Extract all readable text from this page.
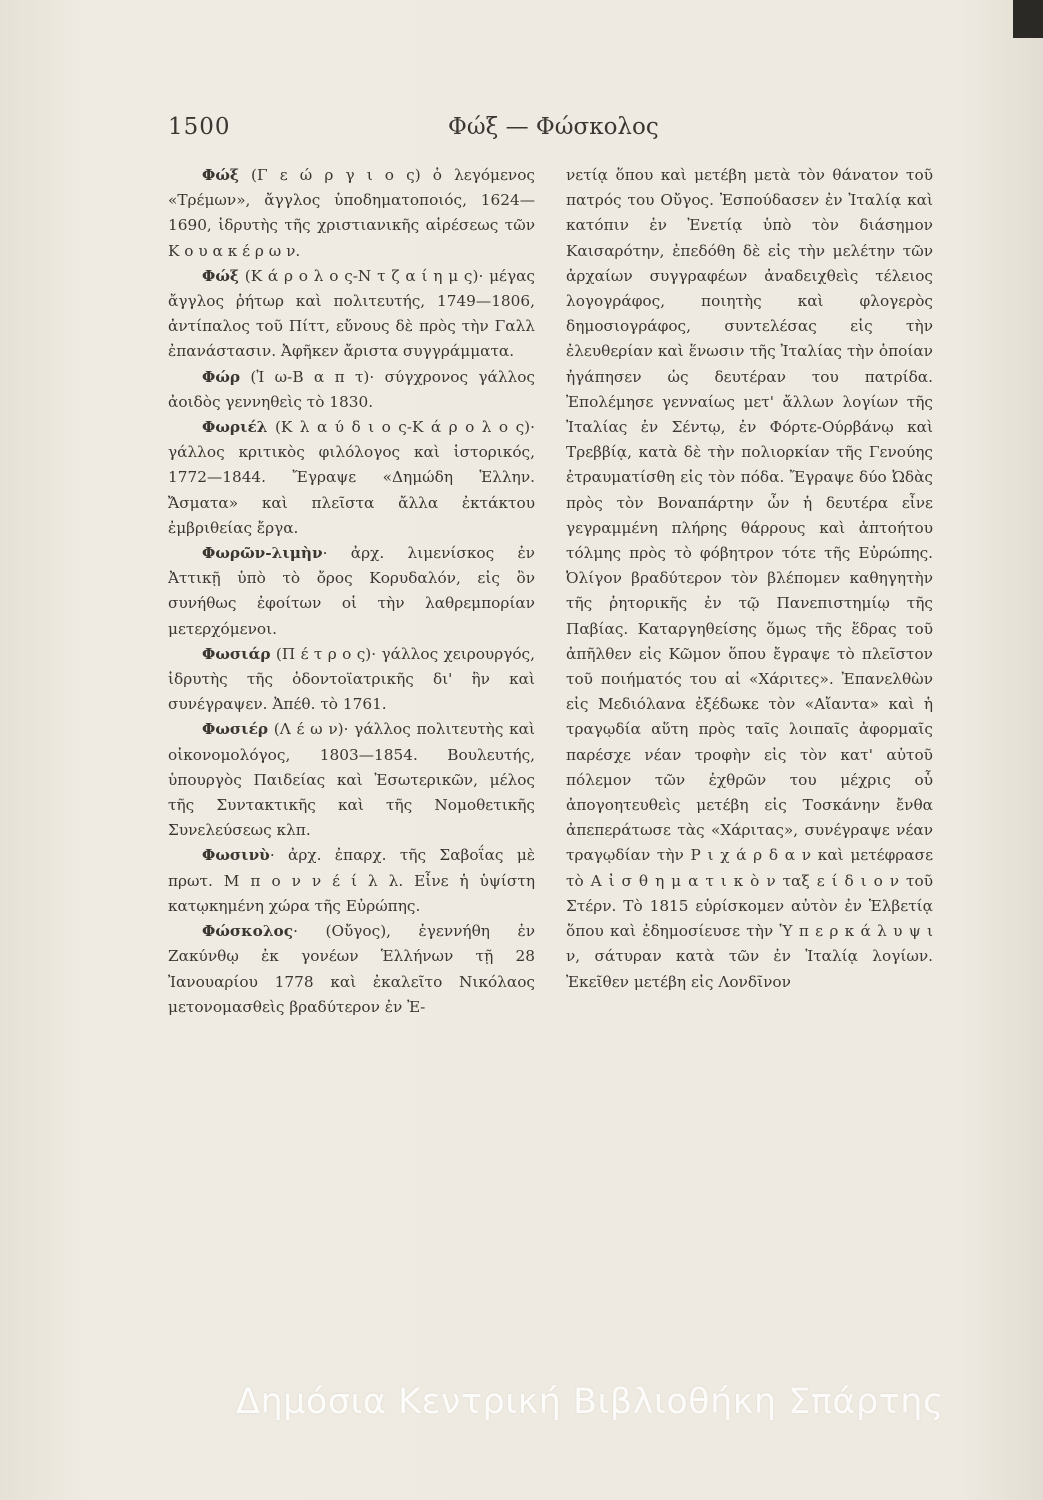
1500	Φώξ — Φώσκολος

Φώξ (Γ ε ώ ρ γ ι ο ς) ὁ λεγόμενος «Τρέμων», ἄγγλος ὑποδηματοποιός, 1624—1690, ἱδρυτὴς τῆς χριστιανικῆς αἱρέσεως τῶν Κ ο υ α κ έ ρ ω ν.

Φώξ (Κ ά ρ ο λ ο ς-Ν τ ζ α ί η μ ς)· μέγας ἄγγλος ῥήτωρ καὶ πολιτευτής, 1749—1806, ἀντίπαλος τοῦ Πίττ, εὔνους δὲ πρὸς τὴν Γαλλ ἐπανάστασιν. Ἀφῆκεν ἄριστα συγγράμματα.

Φώρ (Ἰ ω-Β α π τ)· σύγχρονος γάλλος ἀοιδὸς γεννηθεὶς τὸ 1830.

Φωριέλ (Κ λ α ύ δ ι ο ς-Κ ά ρ ο λ ο ς)· γάλλος κριτικὸς φιλόλογος καὶ ἱστορικός, 1772—1844. Ἔγραψε «Δημώδη Ἑλλην. Ἄσματα» καὶ πλεῖστα ἄλλα ἐκτάκτου ἐμβριθείας ἔργα.

Φωρῶν-λιμὴν· ἀρχ. λιμενίσκος ἐν Ἀττικῇ ὑπὸ τὸ ὄρος Κορυδαλόν, εἰς ὃν συνήθως ἐφοίτων οἱ τὴν λαθρεμπορίαν μετερχόμενοι.

Φωσιάρ (Π έ τ ρ ο ς)· γάλλος χειρουργός, ἱδρυτὴς τῆς ὀδοντοϊατρικῆς δι' ἣν καὶ συνέγραψεν. Ἀπέθ. τὸ 1761.

Φωσιέρ (Λ έ ω ν)· γάλλος πολιτευτὴς καὶ οἰκονομολόγος, 1803—1854. Βουλευτής, ὑπουργὸς Παιδείας καὶ Ἐσωτερικῶν, μέλος τῆς Συντακτικῆς καὶ τῆς Νομοθετικῆς Συνελεύσεως κλπ.

Φωσινὺ· ἀρχ. ἐπαρχ. τῆς Σαβοΐας μὲ πρωτ. Μ π ο ν ν έ ί λ λ. Εἶνε ἡ ὑψίστη κατῳκημένη χώρα τῆς Εὐρώπης.

Φώσκολος· (Οὔγος), ἐγεννήθη ἐν Ζακύνθῳ ἐκ γονέων Ἑλλήνων τῇ 28 Ἰανουαρίου 1778 καὶ ἐκαλεῖτο Νικόλαος μετονομασθεὶς βραδύτερον ἐν Ἐ-

νετίᾳ ὅπου καὶ μετέβη μετὰ τὸν θάνατον τοῦ πατρός του Οὔγος. Ἐσπούδασεν ἐν Ἰταλίᾳ καὶ κατόπιν ἐν Ἐνετίᾳ ὑπὸ τὸν διάσημον Καισαρότην, ἐπεδόθη δὲ εἰς τὴν μελέτην τῶν ἀρχαίων συγγραφέων ἀναδειχθεὶς τέλειος λογογράφος, ποιητὴς καὶ φλογερὸς δημοσιογράφος, συντελέσας εἰς τὴν ἐλευθερίαν καὶ ἕνωσιν τῆς Ἰταλίας τὴν ὁποίαν ἠγάπησεν ὡς δευτέραν του πατρίδα. Ἐπολέμησε γενναίως μετ' ἄλλων λογίων τῆς Ἰταλίας ἐν Σέντῳ, ἐν Φόρτε-Ούρβάνῳ καὶ Τρεββίᾳ, κατὰ δὲ τὴν πολιορκίαν τῆς Γενούης ἐτραυματίσθη εἰς τὸν πόδα. Ἔγραψε δύο Ὠδὰς πρὸς τὸν Βοναπάρτην ὧν ἡ δευτέρα εἶνε γεγραμμένη πλήρης θάρρους καὶ ἀπτοήτου τόλμης πρὸς τὸ φόβητρον τότε τῆς Εὐρώπης. Ὀλίγον βραδύτερον τὸν βλέπομεν καθηγητὴν τῆς ῥητορικῆς ἐν τῷ Πανεπιστημίῳ τῆς Παβίας. Καταργηθείσης ὅμως τῆς ἕδρας τοῦ ἀπῆλθεν εἰς Κῶμον ὅπου ἔγραψε τὸ πλεῖστον τοῦ ποιήματός του αἱ «Χάριτες». Ἐπανελθὼν εἰς Μεδιόλανα ἐξέδωκε τὸν «Αἴαντα» καὶ ἡ τραγῳδία αὕτη πρὸς ταῖς λοιπαῖς ἀφορμαῖς παρέσχε νέαν τροφὴν εἰς τὸν κατ' αὐτοῦ πόλεμον τῶν ἐχθρῶν του μέχρις οὗ ἀπογοητευθεὶς μετέβη εἰς Τοσκάνην ἔνθα ἀπεπεράτωσε τὰς «Χάριτας», συνέγραψε νέαν τραγῳδίαν τὴν Ρ ι χ ά ρ δ α ν καὶ μετέφρασε τὸ Α ἰ σ θ η μ α τ ι κ ὸ ν ταξ ε ί δ ι ο ν τοῦ Στέρν. Τὸ 1815 εὑρίσκομεν αὐτὸν ἐν Ἑλβετίᾳ ὅπου καὶ ἐδημοσίευσε τὴν Ὑ π ε ρ κ ά λ υ ψ ι ν, σάτυραν κατὰ τῶν ἐν Ἰταλίᾳ λογίων. Ἐκεῖθεν μετέβη εἰς Λονδῖνον

Δημόσια Κεντρική Βιβλιοθήκη Σπάρτης
